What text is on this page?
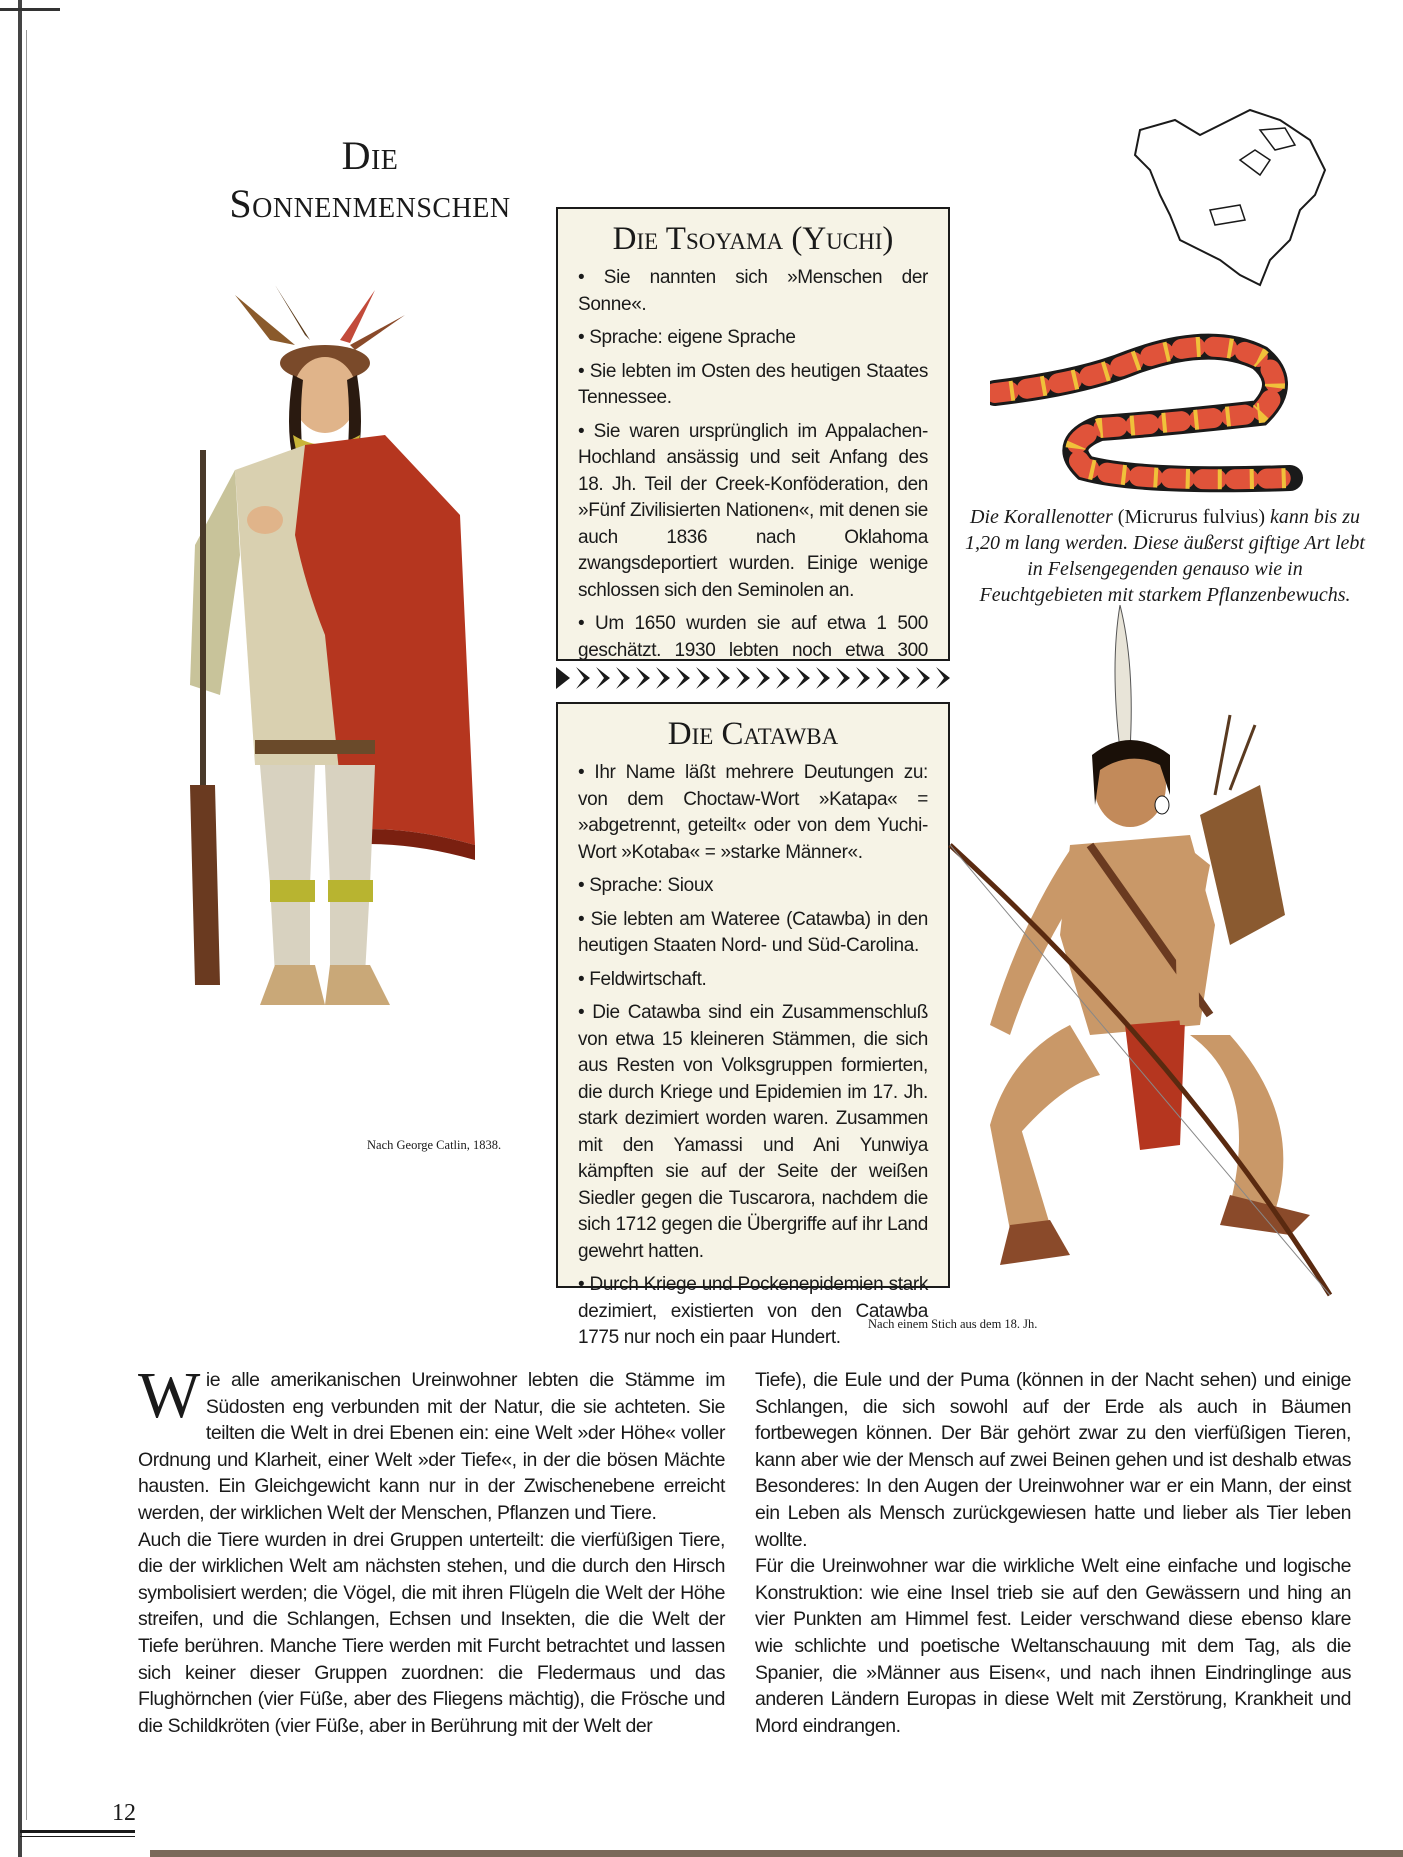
Die
Sonnenmenschen
Nach George Catlin, 1838.
Die Tsoyama (Yuchi)
• Sie nannten sich »Menschen der Sonne«.
• Sprache: eigene Sprache
• Sie lebten im Osten des heutigen Staates Tennessee.
• Sie waren ursprünglich im Appalachen-Hochland ansässig und seit Anfang des 18. Jh. Teil der Creek-Konföderation, den »Fünf Zivilisierten Nationen«, mit denen sie auch 1836 nach Oklahoma zwangsdeportiert wurden. Einige wenige schlossen sich den Seminolen an.
• Um 1650 wurden sie auf etwa 1 500 geschätzt. 1930 lebten noch etwa 300
Die Catawba
• Ihr Name läßt mehrere Deutungen zu: von dem Choctaw-Wort »Katapa« = »abgetrennt, geteilt« oder von dem Yuchi-Wort »Kotaba« = »starke Männer«.
• Sprache: Sioux
• Sie lebten am Wateree (Catawba) in den heutigen Staaten Nord- und Süd-Carolina.
• Feldwirtschaft.
• Die Catawba sind ein Zusammenschluß von etwa 15 kleineren Stämmen, die sich aus Resten von Volksgruppen formierten, die durch Kriege und Epidemien im 17. Jh. stark dezimiert worden waren. Zusammen mit den Yamassi und Ani Yunwiya kämpften sie auf der Seite der weißen Siedler gegen die Tuscarora, nachdem die sich 1712 gegen die Übergriffe auf ihr Land gewehrt hatten.
• Durch Kriege und Pockenepidemien stark dezimiert, existierten von den Catawba 1775 nur noch ein paar Hundert.
Die Korallenotter (Micrurus fulvius) kann bis zu 1,20 m lang werden. Diese äußerst giftige Art lebt in Felsengegenden genauso wie in Feuchtgebieten mit starkem Pflanzenbewuchs.
Nach einem Stich aus dem 18. Jh.

Wie alle amerikanischen Ureinwohner lebten die Stämme im Südosten eng verbunden mit der Natur, die sie achteten. Sie teilten die Welt in drei Ebenen ein: eine Welt »der Höhe« voller Ordnung und Klarheit, einer Welt »der Tiefe«, in der die bösen Mächte hausten. Ein Gleichgewicht kann nur in der Zwischenebene erreicht werden, der wirklichen Welt der Menschen, Pflanzen und Tiere.

Auch die Tiere wurden in drei Gruppen unterteilt: die vierfüßigen Tiere, die der wirklichen Welt am nächsten stehen, und die durch den Hirsch symbolisiert werden; die Vögel, die mit ihren Flügeln die Welt der Höhe streifen, und die Schlangen, Echsen und Insekten, die die Welt der Tiefe berühren. Manche Tiere werden mit Furcht betrachtet und lassen sich keiner dieser Gruppen zuordnen: die Fledermaus und das Flughörnchen (vier Füße, aber des Fliegens mächtig), die Frösche und die Schildkröten (vier Füße, aber in Berührung mit der Welt der

Tiefe), die Eule und der Puma (können in der Nacht sehen) und einige Schlangen, die sich sowohl auf der Erde als auch in Bäumen fortbewegen können. Der Bär gehört zwar zu den vierfüßigen Tieren, kann aber wie der Mensch auf zwei Beinen gehen und ist deshalb etwas Besonderes: In den Augen der Ureinwohner war er ein Mann, der einst ein Leben als Mensch zurückgewiesen hatte und lieber als Tier leben wollte.

Für die Ureinwohner war die wirkliche Welt eine einfache und logische Konstruktion: wie eine Insel trieb sie auf den Gewässern und hing an vier Punkten am Himmel fest. Leider verschwand diese ebenso klare wie schlichte und poetische Weltanschauung mit dem Tag, als die Spanier, die »Männer aus Eisen«, und nach ihnen Eindringlinge aus anderen Ländern Europas in diese Welt mit Zerstörung, Krankheit und Mord eindrangen.

12
